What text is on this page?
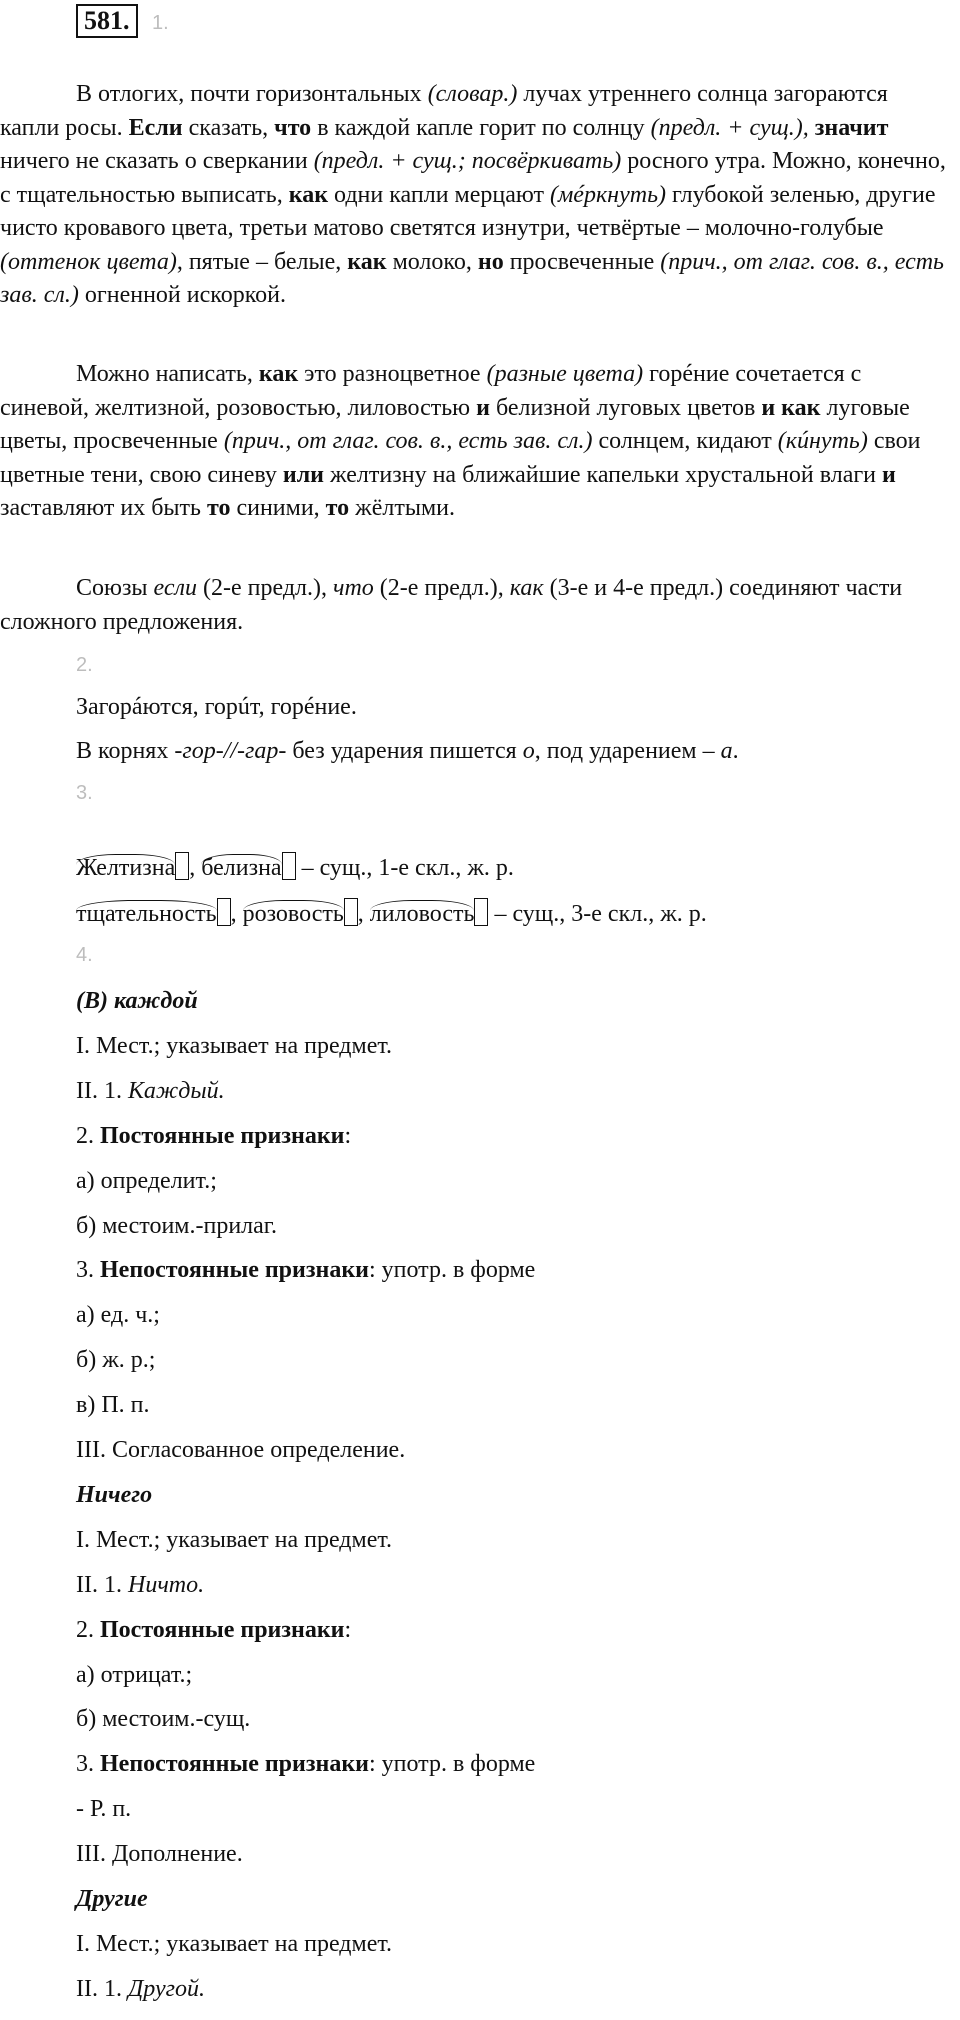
581.	1.

В отлогих, почти горизонтальных (словар.) лучах утреннего солнца загораются капли росы. Если сказать, что в каждой капле горит по солнцу (предл. + сущ.), значит ничего не сказать о сверкании (предл. + сущ.; посвёркивать) росного утра. Можно, конечно, с тщательностью выписать, как одни капли мерцают (мéркнуть) глубокой зеленью, другие чисто кровавого цвета, третьи матово светятся изнутри, четвёртые – молочно-голубые (оттенок цвета), пятые – белые, как молоко, но просвеченные (прич., от глаг. сов. в., есть зав. сл.) огненной искоркой.

Можно написать, как это разноцветное (разные цвета) горéние сочетается с синевой, желтизной, розовостью, лиловостью и белизной луговых цветов и как луговые цветы, просвеченные (прич., от глаг. сов. в., есть зав. сл.) солнцем, кидают (кúнуть) свои цветные тени, свою синеву или желтизну на ближайшие капельки хрустальной влаги и заставляют их быть то синими, то жёлтыми.

Союзы если (2-е предл.), что (2-е предл.), как (3-е и 4-е предл.) соединяют части сложного предложения.

2.
Загорáются, горúт, горéние.
В корнях -гор-//-гар- без ударения пишется о, под ударением – а.
3.
Желтизна , белизна – сущ., 1-е скл., ж. р.
тщательность , розовость , лиловость – сущ., 3-е скл., ж. р.
4.
(В) каждой
I. Мест.; указывает на предмет.
II. 1. Каждый.
2. Постоянные признаки:
а) определит.;
б) местоим.-прилаг.
3. Непостоянные признаки: употр. в форме
а) ед. ч.;
б) ж. р.;
в) П. п.
III. Согласованное определение.
Ничего
I. Мест.; указывает на предмет.
II. 1. Ничто.
2. Постоянные признаки:
а) отрицат.;
б) местоим.-сущ.
3. Непостоянные признаки: употр. в форме
- Р. п.
III. Дополнение.
Другие
I. Мест.; указывает на предмет.
II. 1. Другой.
